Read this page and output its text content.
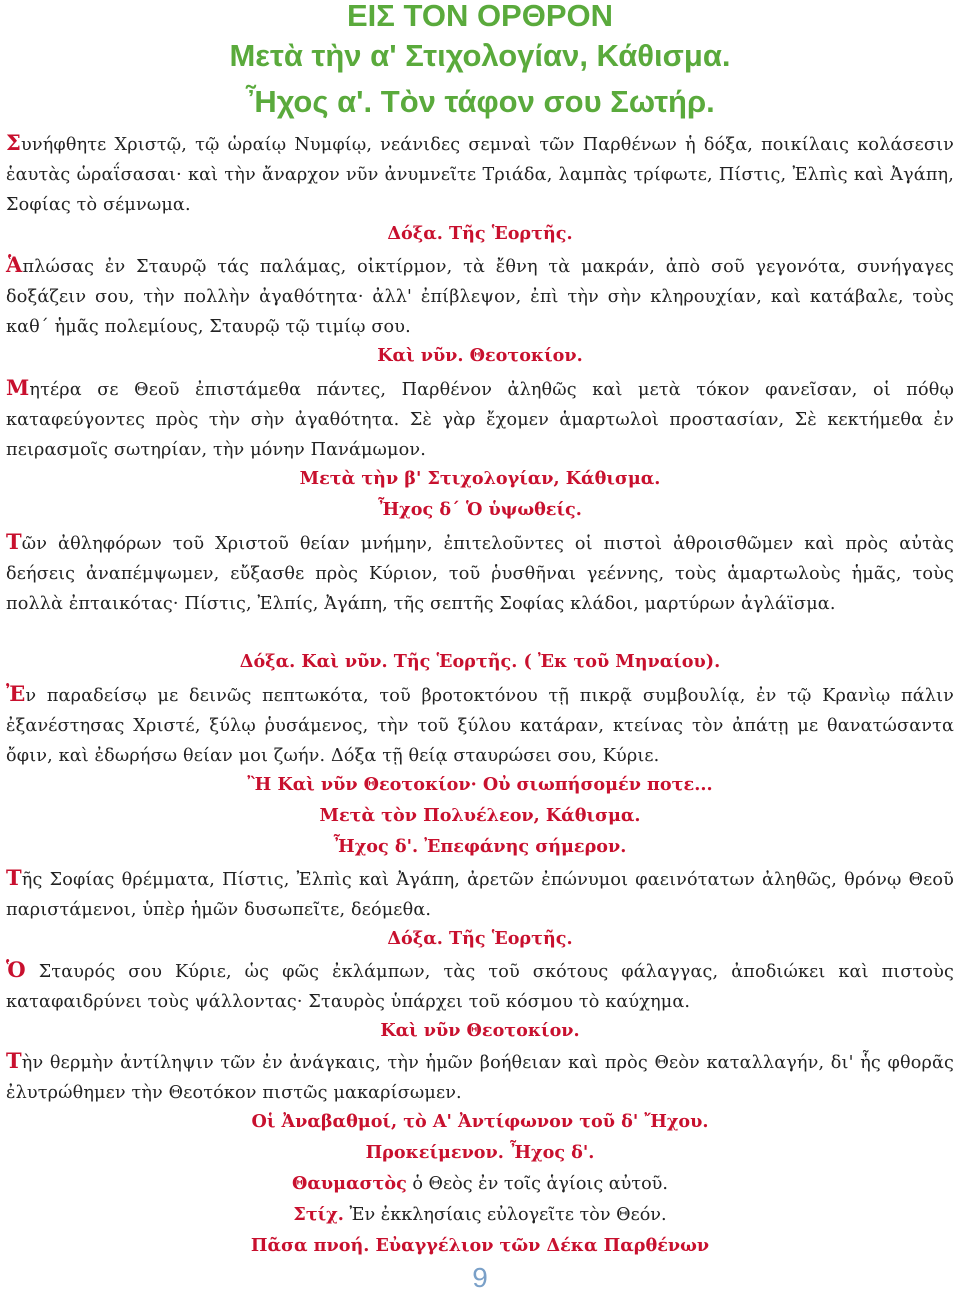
ΕΙΣ ΤΟΝ ΟΡΘΡΟΝ
Μετὰ τὴν α' Στιχολογίαν, Κάθισμα.
Ἦχος α'. Τὸν τάφον σου Σωτήρ.
Συνήφθητε Χριστῷ, τῷ ὡραίῳ Νυμφίῳ, νεάνιδες σεμναὶ τῶν Παρθένων ἡ δόξα, ποικίλαις κολάσεσιν ἑαυτὰς ὡραΐσασαι· καὶ τὴν ἄναρχον νῦν ἀνυμνεῖτε Τριάδα, λαμπὰς τρίφωτε, Πίστις, Ἐλπὶς καὶ Ἀγάπη, Σοφίας τὸ σέμνωμα.
Δόξα. Τῆς Ἑορτῆς.
Ἁπλώσας ἐν Σταυρῷ τάς παλάμας, οἰκτίρμον, τὰ ἔθνη τὰ μακράν, ἀπὸ σοῦ γεγονότα, συνήγαγες δοξάζειν σου, τὴν πολλὴν ἀγαθότητα· ἀλλ' ἐπίβλεψον, ἐπὶ τὴν σὴν κληρουχίαν, καὶ κατάβαλε, τοὺς καθ΄ ἡμᾶς πολεμίους, Σταυρῷ τῷ τιμίῳ σου.
Καὶ νῦν. Θεοτοκίον.
Μητέρα σε Θεοῦ ἐπιστάμεθα πάντες, Παρθένον ἀληθῶς καὶ μετὰ τόκον φανεῖσαν, οἱ πόθῳ καταφεύγοντες πρὸς τὴν σὴν ἀγαθότητα. Σὲ γὰρ ἔχομεν ἁμαρτωλοὶ προστασίαν, Σὲ κεκτήμεθα ἐν πειρασμοῖς σωτηρίαν, τὴν μόνην Πανάμωμον.
Μετὰ τὴν β' Στιχολογίαν, Κάθισμα.
Ἦχος δ΄ Ὁ ὑψωθείς.
Τῶν ἀθληφόρων τοῦ Χριστοῦ θείαν μνήμην, ἐπιτελοῦντες οἱ πιστοὶ ἀθροισθῶμεν καὶ πρὸς αὐτὰς δεήσεις ἀναπέμψωμεν, εὔξασθε πρὸς Κύριον, τοῦ ῥυσθῆναι γεέννης, τοὺς ἁμαρτωλοὺς ἡμᾶς, τοὺς πολλὰ ἐπταικότας· Πίστις, Ἐλπίς, Ἀγάπη, τῆς σεπτῆς Σοφίας κλάδοι, μαρτύρων ἀγλάϊσμα.
Δόξα. Καὶ νῦν. Τῆς Ἑορτῆς. ( Ἐκ τοῦ Μηναίου).
Ἐν παραδείσῳ με δεινῶς πεπτωκότα, τοῦ βροτοκτόνου τῇ πικρᾷ συμβουλίᾳ, ἐν τῷ Κρανὶῳ πάλιν ἐξανέστησας Χριστέ, ξύλῳ ῥυσάμενος, τὴν τοῦ ξύλου κατάραν, κτείνας τὸν ἀπάτῃ με θανατώσαντα ὄφιν, καὶ ἐδωρήσω θείαν μοι ζωήν. Δόξα τῇ θείᾳ σταυρώσει σου, Κύριε.
Ἢ Καὶ νῦν Θεοτοκίον· Οὐ σιωπήσομέν ποτε...
Μετὰ τὸν Πολυέλεον, Κάθισμα.
Ἦχος δ'. Ἐπεφάνης σήμερον.
Τῆς Σοφίας θρέμματα, Πίστις, Ἐλπὶς καὶ Ἀγάπη, ἀρετῶν ἐπώνυμοι φαεινότατων ἀληθῶς, θρόνῳ Θεοῦ παριστάμενοι, ὑπὲρ ἡμῶν δυσωπεῖτε, δεόμεθα.
Δόξα. Τῆς Ἑορτῆς.
Ὁ Σταυρός σου Κύριε, ὡς φῶς ἐκλάμπων, τὰς τοῦ σκότους φάλαγγας, ἀποδιώκει καὶ πιστοὺς καταφαιδρύνει τοὺς ψάλλοντας· Σταυρὸς ὑπάρχει τοῦ κόσμου τὸ καύχημα.
Καὶ νῦν Θεοτοκίον.
Τὴν θερμὴν ἀντίληψιν τῶν ἐν ἀνάγκαις, τὴν ἡμῶν βοήθειαν καὶ πρὸς Θεὸν καταλλαγήν, δι' ἧς φθορᾶς ἐλυτρώθημεν τὴν Θεοτόκον πιστῶς μακαρίσωμεν.
Οἱ Ἀναβαθμοί, τὸ Α' Ἀντίφωνον τοῦ δ' Ἤχου.
Προκείμενον. Ἦχος δ'.
Θαυμαστὸς ὁ Θεὸς ἐν τοῖς ἁγίοις αὐτοῦ.
Στίχ. Ἐν ἐκκλησίαις εὐλογεῖτε τὸν Θεόν.
Πᾶσα πνοή. Εὐαγγέλιον τῶν Δέκα Παρθένων
9
